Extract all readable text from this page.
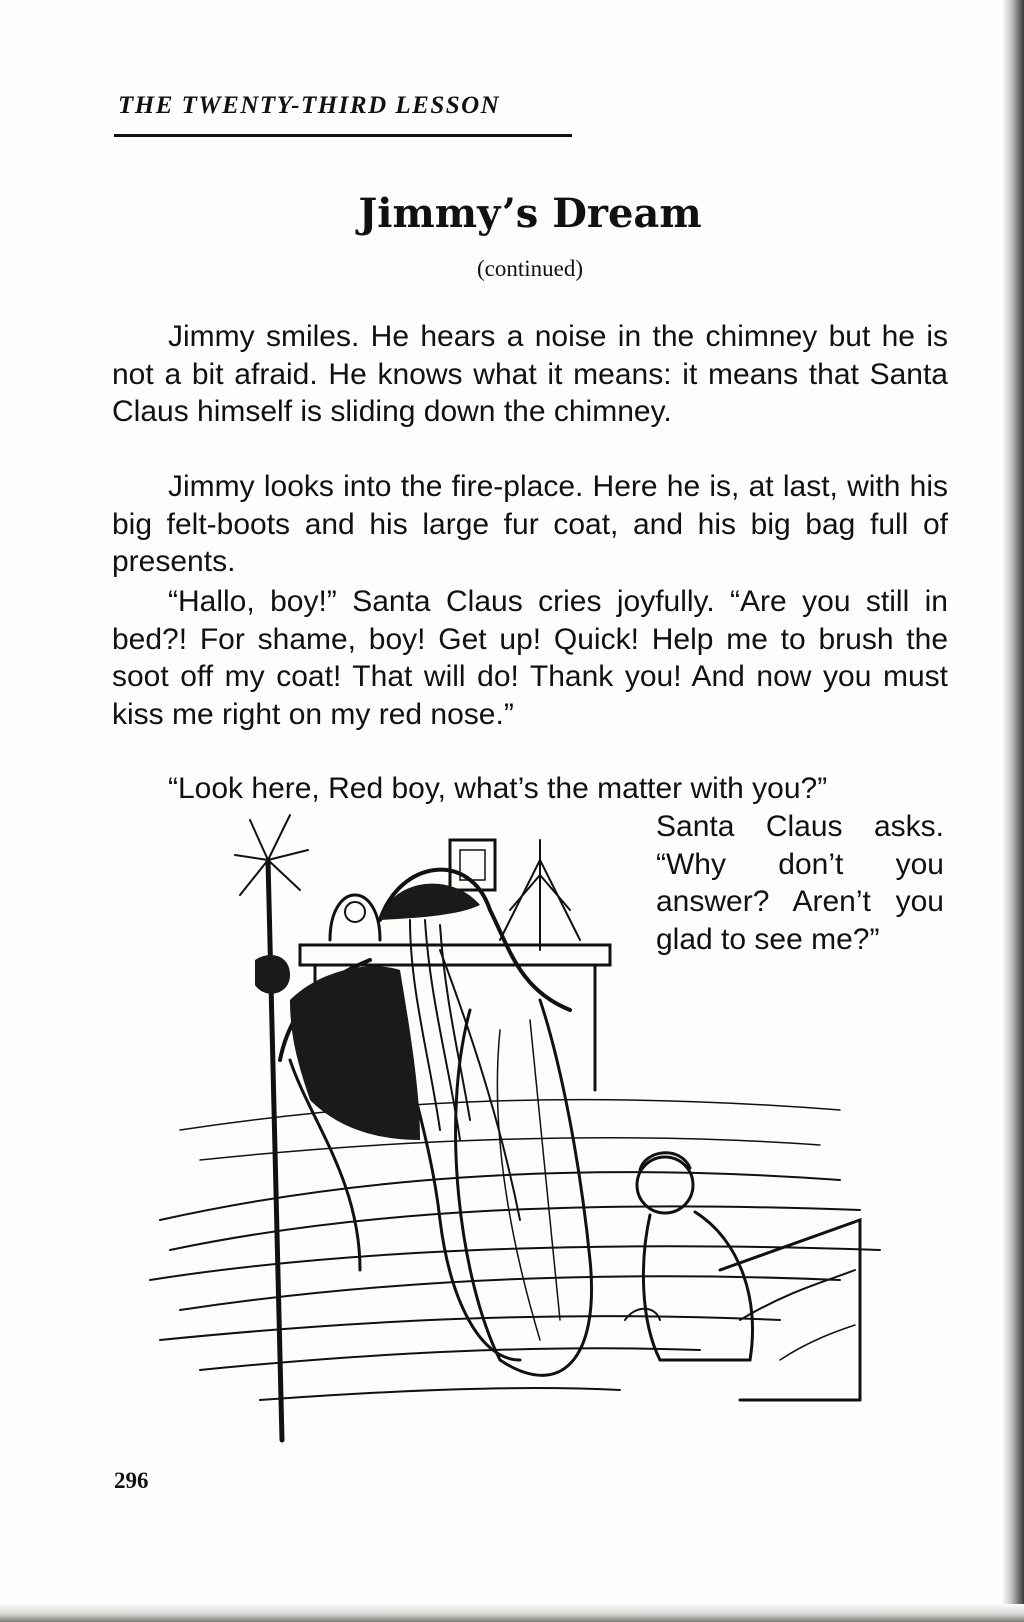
THE TWENTY-THIRD LESSON
Jimmy’s Dream

(continued)

Jimmy smiles. He hears a noise in the chimney but he is not a bit afraid. He knows what it means: it means that Santa Claus himself is sliding down the chimney.

Jimmy looks into the fire-place. Here he is, at last, with his big felt-boots and his large fur coat, and his big bag full of presents.

“Hallo, boy!” Santa Claus cries joyfully. “Are you still in bed?! For shame, boy! Get up! Quick! Help me to brush the soot off my coat! That will do! Thank you! And now you must kiss me right on my red nose.”

“Look here, Red boy, what’s the matter with you?”

Santa Claus asks.
“Why don’t you
answer? Aren’t you
glad to see me?”

296
